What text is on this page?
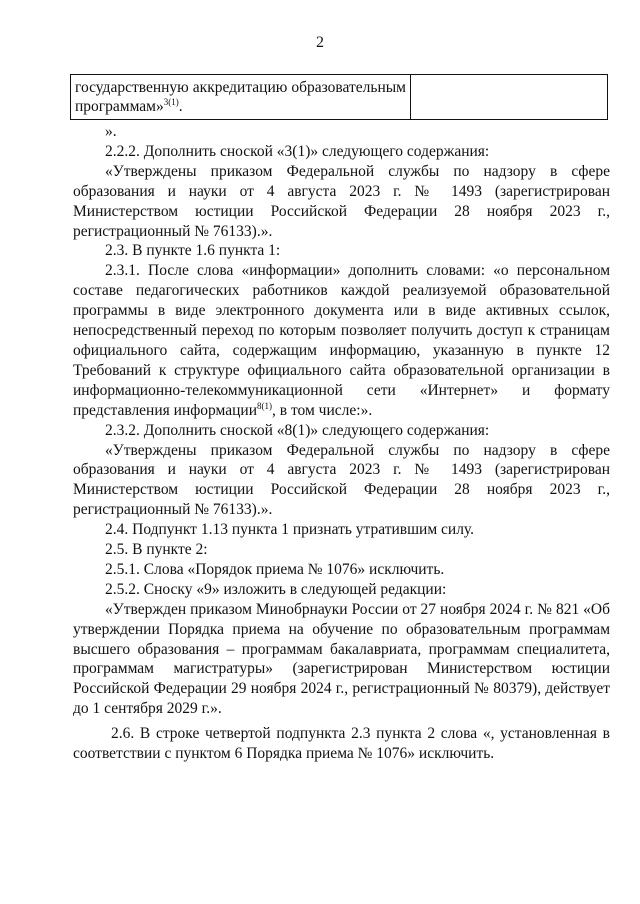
2
государственную аккредитацию образовательным
программам»$^{3(1)}$.

».

2.2.2. Дополнить сноской «3(1)» следующего содержания:

«Утверждены приказом Федеральной службы по надзору в сфере образования и науки от 4 августа 2023 г. № 1493 (зарегистрирован Министерством юстиции Российской Федерации 28 ноября 2023 г., регистрационный № 76133).».

2.3. В пункте 1.6 пункта 1:

2.3.1. После слова «информации» дополнить словами: «о персональном составе педагогических работников каждой реализуемой образовательной программы в виде электронного документа или в виде активных ссылок, непосредственный переход по которым позволяет получить доступ к страницам официального сайта, содержащим информацию, указанную в пункте 12 Требований к структуре официального сайта образовательной организации в информационно-телекоммуникационной сети «Интернет» и формату представления информации$^{8(1)}$, в том числе:».

2.3.2. Дополнить сноской «8(1)» следующего содержания:

«Утверждены приказом Федеральной службы по надзору в сфере образования и науки от 4 августа 2023 г. № 1493 (зарегистрирован Министерством юстиции Российской Федерации 28 ноября 2023 г., регистрационный № 76133).».

2.4. Подпункт 1.13 пункта 1 признать утратившим силу.

2.5. В пункте 2:

2.5.1. Слова «Порядок приема № 1076» исключить.

2.5.2. Сноску «9» изложить в следующей редакции:

«Утвержден приказом Минобрнауки России от 27 ноября 2024 г. № 821 «Об утверждении Порядка приема на обучение по образовательным программам высшего образования – программам бакалавриата, программам специалитета, программам магистратуры» (зарегистрирован Министерством юстиции Российской Федерации 29 ноября 2024 г., регистрационный № 80379), действует до 1 сентября 2029 г.».

2.6. В строке четвертой подпункта 2.3 пункта 2 слова «, установленная в соответствии с пунктом 6 Порядка приема № 1076» исключить.
